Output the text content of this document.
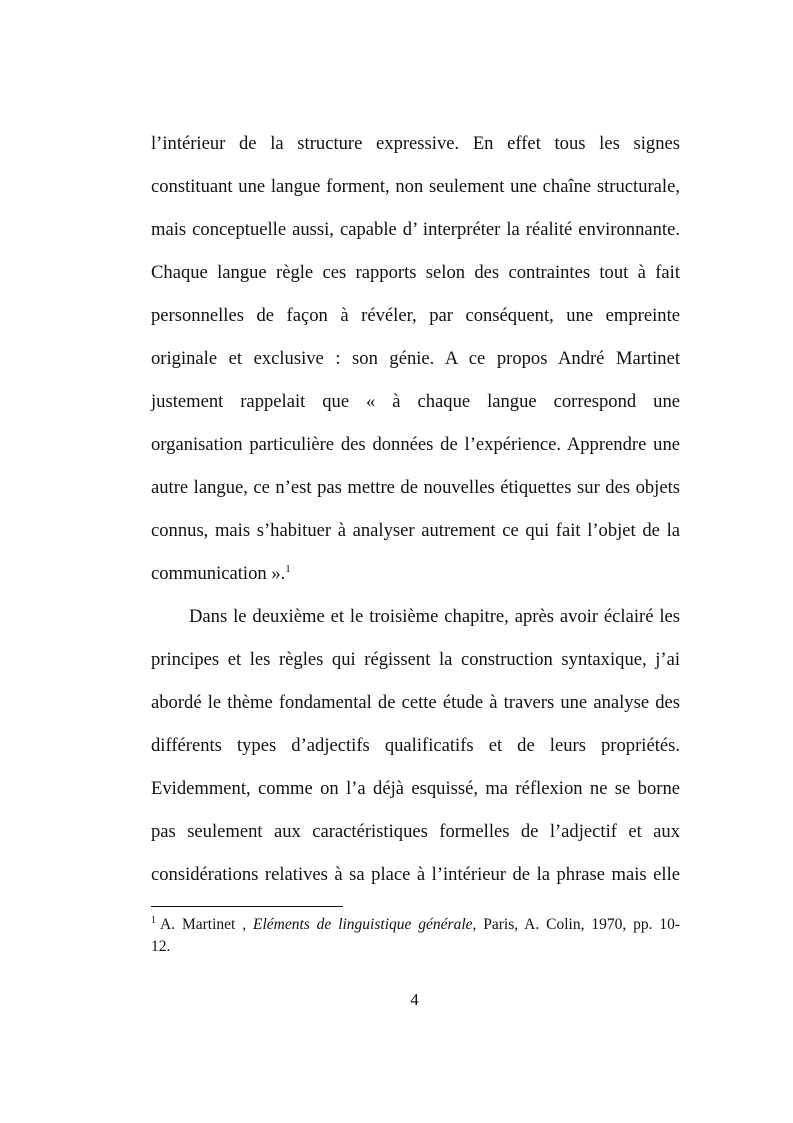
l’intérieur de la structure expressive. En effet tous les signes
constituant une langue forment, non seulement une chaîne structurale,
mais conceptuelle aussi, capable d’ interpréter la réalité environnante.
Chaque langue règle ces rapports selon des contraintes tout à fait
personnelles de façon à révéler, par conséquent, une empreinte
originale et exclusive : son génie. A ce propos André Martinet
justement rappelait que « à chaque langue correspond une
organisation particulière des données de l’expérience. Apprendre une
autre langue, ce n’est pas mettre de nouvelles étiquettes sur des objets
connus, mais s’habituer à analyser autrement ce qui fait l’objet de la
communication ».$^1$
Dans le deuxième et le troisième chapitre, après avoir éclairé les
principes et les règles qui régissent la construction syntaxique, j’ai
abordé le thème fondamental de cette étude à travers une analyse des
différents types d’adjectifs qualificatifs et de leurs propriétés.
Evidemment, comme on l’a déjà esquissé, ma réflexion ne se borne
pas seulement aux caractéristiques formelles de l’adjectif et aux
considérations relatives à sa place à l’intérieur de la phrase mais elle
$^1$ A. Martinet , Eléments de linguistique générale, Paris, A. Colin, 1970, pp. 10-
12.
4
